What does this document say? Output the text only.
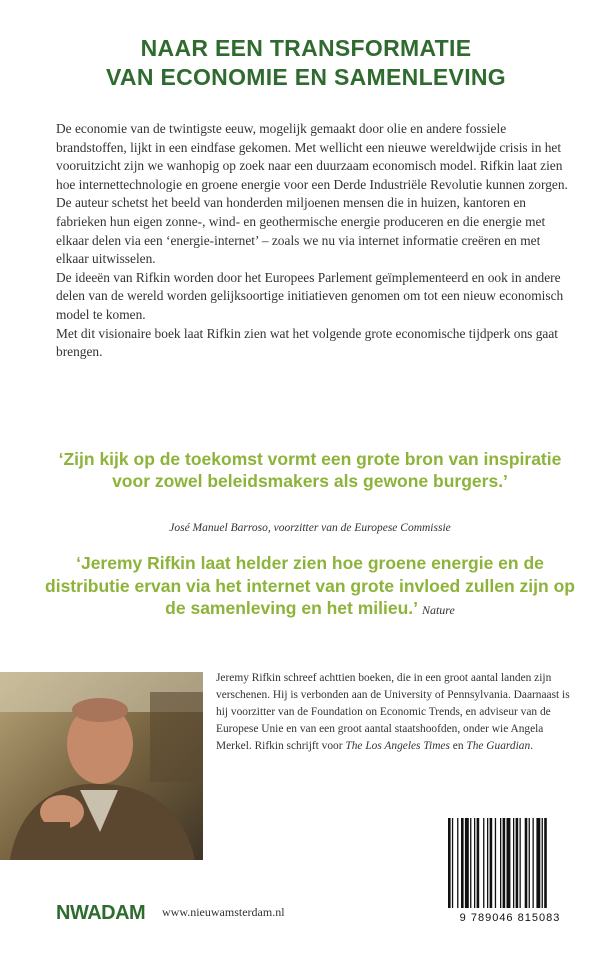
NAAR EEN TRANSFORMATIE
VAN ECONOMIE EN SAMENLEVING

De economie van de twintigste eeuw, mogelijk gemaakt door olie en andere fossiele brandstoffen, lijkt in een eindfase gekomen. Met wellicht een nieuwe wereldwijde crisis in het vooruitzicht zijn we wanhopig op zoek naar een duurzaam economisch model. Rifkin laat zien hoe internettechnologie en groene energie voor een Derde Industriële Revolutie kunnen zorgen.

De auteur schetst het beeld van honderden miljoenen mensen die in huizen, kantoren en fabrieken hun eigen zonne-, wind- en geothermische energie produceren en die energie met elkaar delen via een ‘energie-internet’ – zoals we nu via internet informatie creëren en met elkaar uitwisselen.

De ideeën van Rifkin worden door het Europees Parlement geïmplementeerd en ook in andere delen van de wereld worden gelijksoortige initiatieven genomen om tot een nieuw economisch model te komen.

Met dit visionaire boek laat Rifkin zien wat het volgende grote economische tijdperk ons gaat brengen.

‘Zijn kijk op de toekomst vormt een grote bron van inspiratie voor zowel beleidsmakers als gewone burgers.’
José Manuel Barroso, voorzitter van de Europese Commissie
‘Jeremy Rifkin laat helder zien hoe groene energie en de distributie ervan via het internet van grote invloed zullen zijn op de samenleving en het milieu.’ Nature
Jeremy Rifkin schreef achttien boeken, die in een groot aantal landen zijn verschenen. Hij is verbonden aan de University of Pennsylvania. Daarnaast is hij voorzitter van de Foundation on Economic Trends, en adviseur van de Europese Unie en van een groot aantal staatshoofden, onder wie Angela Merkel. Rifkin schrijft voor The Los Angeles Times en The Guardian.
9 789046 815083
NWADAM www.nieuwamsterdam.nl
